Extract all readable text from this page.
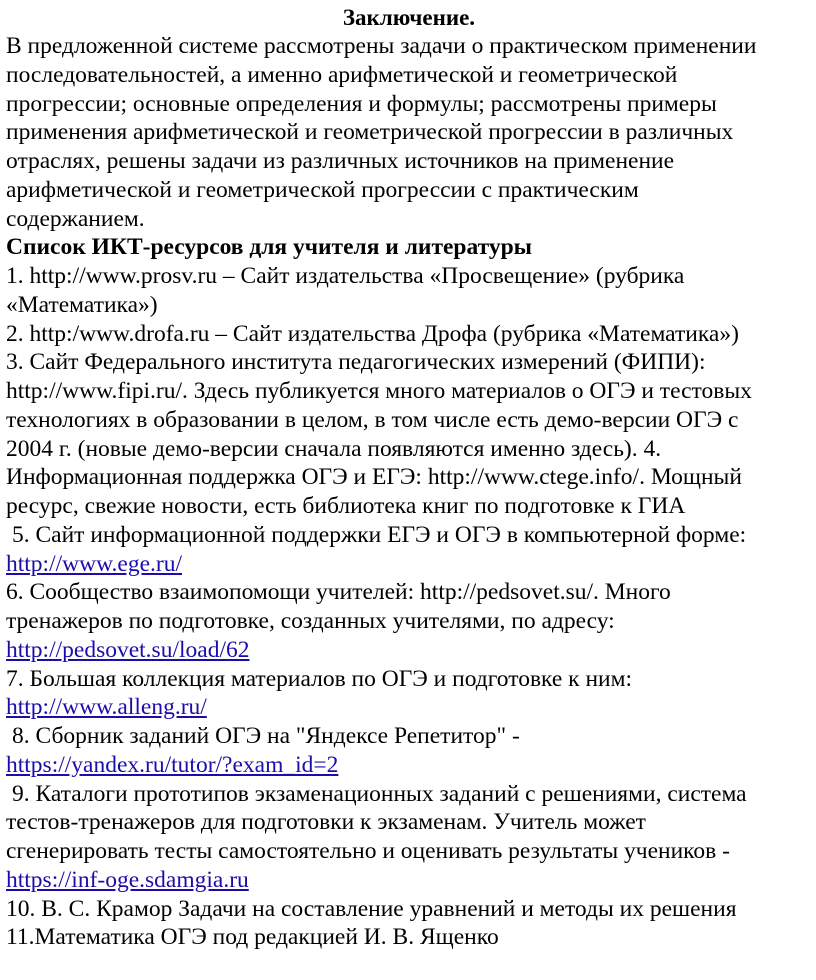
Заключение.
В предложенной системе рассмотрены задачи о практическом применении
последовательностей, а именно арифметической и геометрической
прогрессии; основные определения и формулы; рассмотрены примеры
применения арифметической и геометрической прогрессии в различных
отраслях, решены задачи из различных источников на применение
арифметической и геометрической прогрессии с практическим
содержанием.
Список ИКТ-ресурсов для учителя и литературы
1. http://www.prosv.ru – Сайт издательства «Просвещение» (рубрика
«Математика»)
2. http:/www.drofa.ru – Сайт издательства Дрофа (рубрика «Математика»)
3. Сайт Федерального института педагогических измерений (ФИПИ):
http://www.fipi.ru/. Здесь публикуется много материалов о ОГЭ и тестовых
технологиях в образовании в целом, в том числе есть демо-версии ОГЭ с
2004 г. (новые демо-версии сначала появляются именно здесь). 4.
Информационная поддержка ОГЭ и ЕГЭ: http://www.ctege.info/. Мощный
ресурс, свежие новости, есть библиотека книг по подготовке к ГИА
5. Сайт информационной поддержки ЕГЭ и ОГЭ в компьютерной форме:
http://www.ege.ru/
6. Сообщество взаимопомощи учителей: http://pedsovet.su/. Много
тренажеров по подготовке, созданных учителями, по адресу:
http://pedsovet.su/load/62
7. Большая коллекция материалов по ОГЭ и подготовке к ним:
http://www.alleng.ru/
8. Сборник заданий ОГЭ на "Яндексе Репетитор" -
https://yandex.ru/tutor/?exam_id=2
9. Каталоги прототипов экзаменационных заданий с решениями, система
тестов-тренажеров для подготовки к экзаменам. Учитель может
сгенерировать тесты самостоятельно и оценивать результаты учеников -
https://inf-oge.sdamgia.ru
10. В. С. Крамор Задачи на составление уравнений и методы их решения
11.Математика ОГЭ под редакцией И. В. Ященко
